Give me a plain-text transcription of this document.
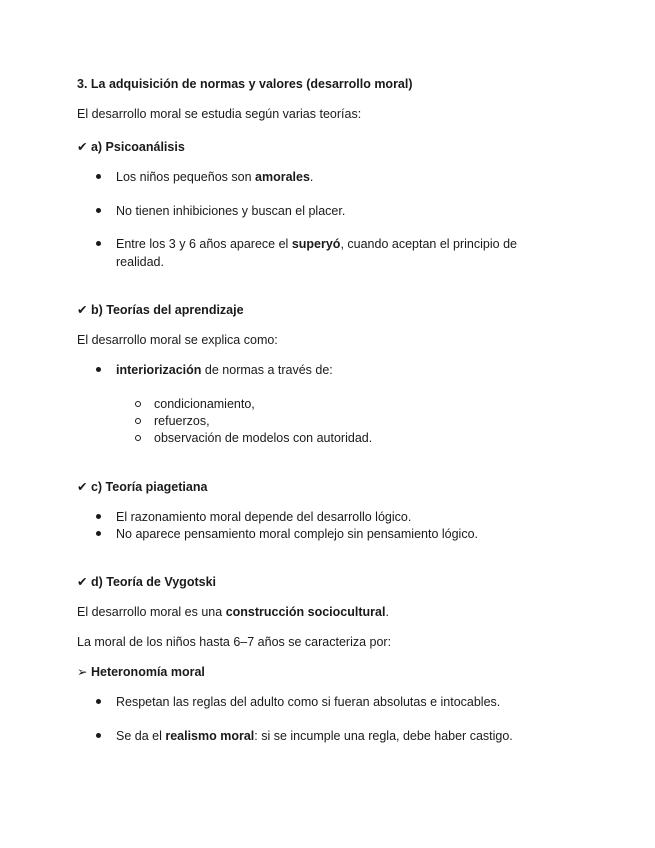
3. La adquisición de normas y valores (desarrollo moral)
El desarrollo moral se estudia según varias teorías:
✔ a) Psicoanálisis
Los niños pequeños son amorales.
No tienen inhibiciones y buscan el placer.
Entre los 3 y 6 años aparece el superyó, cuando aceptan el principio de
realidad.
✔ b) Teorías del aprendizaje
El desarrollo moral se explica como:
interiorización de normas a través de:
condicionamiento,
refuerzos,
observación de modelos con autoridad.
✔ c) Teoría piagetiana
El razonamiento moral depende del desarrollo lógico.
No aparece pensamiento moral complejo sin pensamiento lógico.
✔ d) Teoría de Vygotski
El desarrollo moral es una construcción sociocultural.
La moral de los niños hasta 6–7 años se caracteriza por:
➢ Heteronomía moral
Respetan las reglas del adulto como si fueran absolutas e intocables.
Se da el realismo moral: si se incumple una regla, debe haber castigo.
